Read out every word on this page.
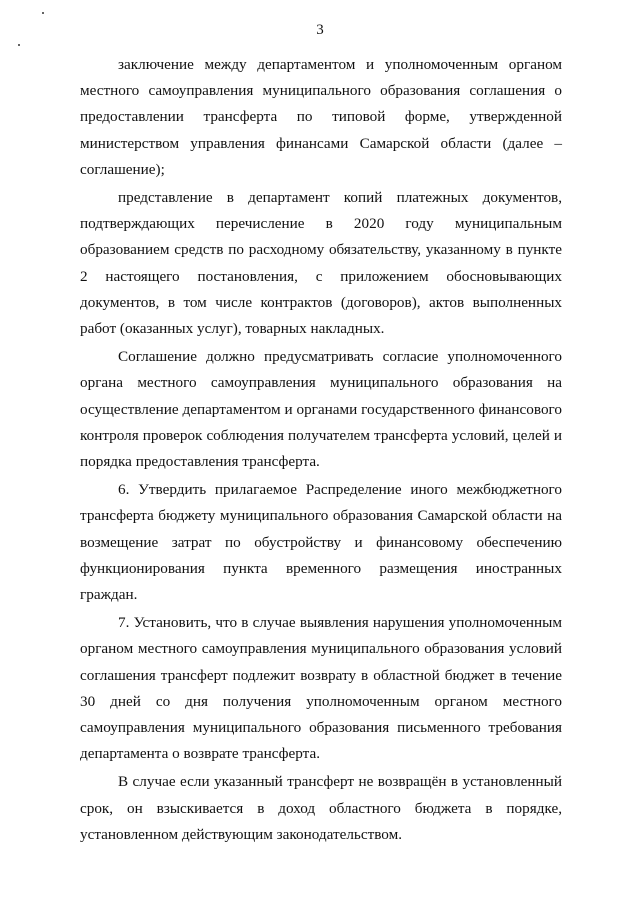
3

заключение между департаментом и уполномоченным органом местного самоуправления муниципального образования соглашения о предоставлении трансферта по типовой форме, утвержденной министерством управления финансами Самарской области (далее – соглашение);

представление в департамент копий платежных документов, подтверждающих перечисление в 2020 году муниципальным образованием средств по расходному обязательству, указанному в пункте 2 настоящего постановления, с приложением обосновывающих документов, в том числе контрактов (договоров), актов выполненных работ (оказанных услуг), товарных накладных.

Соглашение должно предусматривать согласие уполномоченного органа местного самоуправления муниципального образования на осуществление департаментом и органами государственного финансового контроля проверок соблюдения получателем трансферта условий, целей и порядка предоставления трансферта.

6. Утвердить прилагаемое Распределение иного межбюджетного трансферта бюджету муниципального образования Самарской области на возмещение затрат по обустройству и финансовому обеспечению функционирования пункта временного размещения иностранных граждан.

7. Установить, что в случае выявления нарушения уполномоченным органом местного самоуправления муниципального образования условий соглашения трансферт подлежит возврату в областной бюджет в течение 30 дней со дня получения уполномоченным органом местного самоуправления муниципального образования письменного требования департамента о возврате трансферта.

В случае если указанный трансферт не возвращён в установленный срок, он взыскивается в доход областного бюджета в порядке, установленном действующим законодательством.
